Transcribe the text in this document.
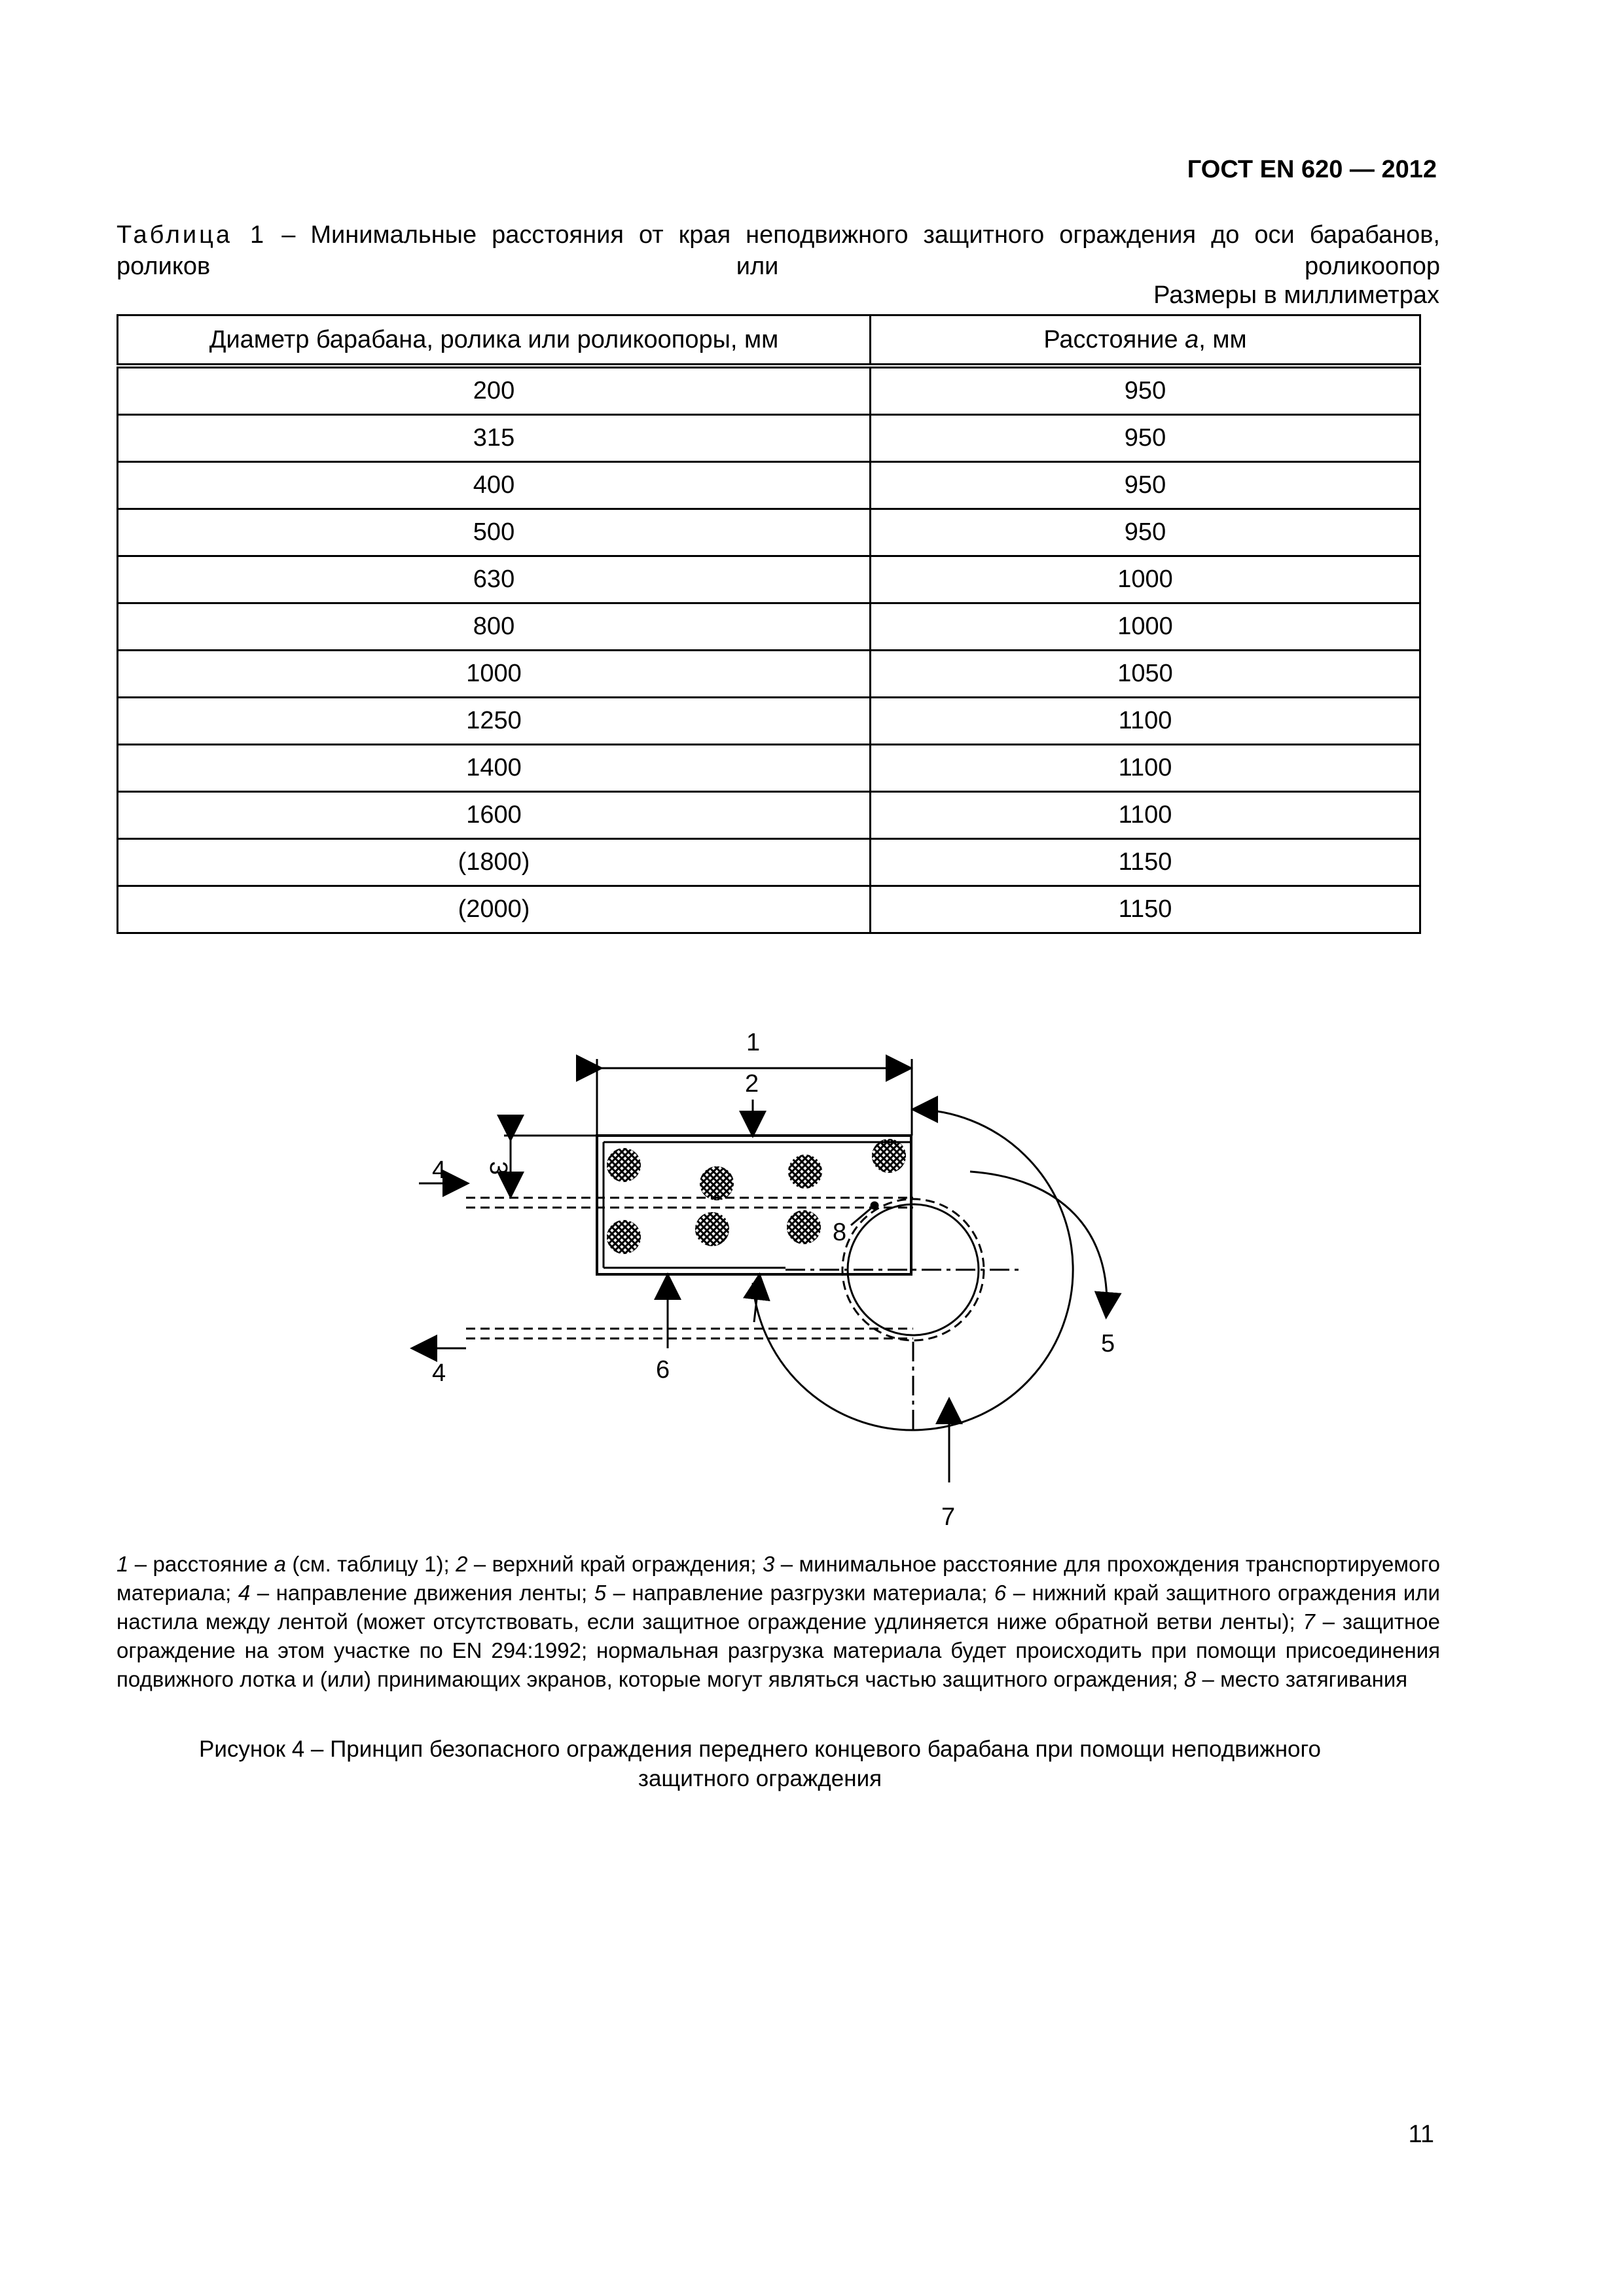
ГОСТ EN 620 — 2012
Таблица 1 – Минимальные расстояния от края неподвижного защитного ограждения до оси барабанов, роликов или роликоопор
Размеры в миллиметрах
Диаметр барабана, ролика или роликоопоры, мм	Расстояние a, мм
200	950
315	950
400	950
500	950
630	1000
800	1000
1000	1050
1250	1100
1400	1100
1600	1100
(1800)	1150
(2000)	1150
1
2
3
4
4
5
6
7
8
1 – расстояние a (см. таблицу 1); 2 – верхний край ограждения; 3 – минимальное расстояние для прохождения транспортируемого материала; 4 – направление движения ленты; 5 – направление разгрузки материала; 6 – нижний край защитного ограждения или настила между лентой (может отсутствовать, если защитное ограждение удлиняется ниже обратной ветви ленты); 7 – защитное ограждение на этом участке по EN 294:1992; нормальная разгрузка материала будет происходить при помощи присоединения подвижного лотка и (или) принимающих экранов, которые могут являться частью защитного ограждения; 8 – место затягивания
Рисунок 4 – Принцип безопасного ограждения переднего концевого барабана при помощи неподвижного защитного ограждения
11
